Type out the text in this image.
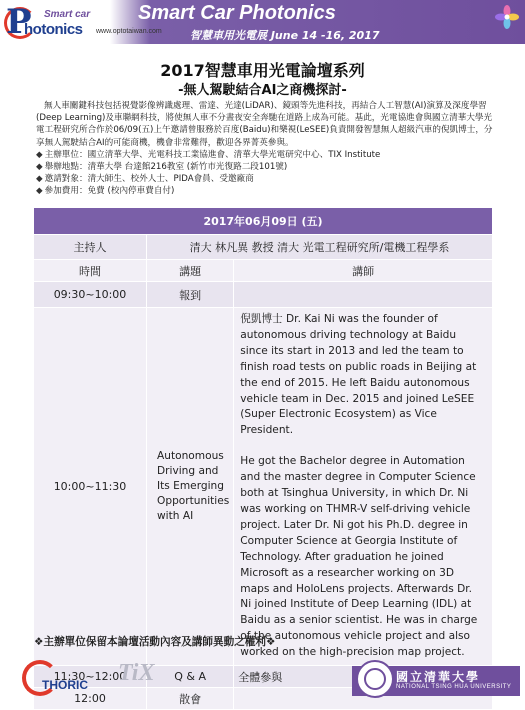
P Smart car
hotonics www.optotaiwan.com
Smart Car Photonics
智慧車用光電展 June 14 -16, 2017
2017智慧車用光電論壇系列
-無人駕駛結合AI之商機探討-

無人車關鍵科技包括視覺影像辨識處理、雷達、光達(LiDAR)、鏡頭等先進科技，再結合人工智慧(AI)演算及深度學習(Deep Learning)及車聯網科技，將使無人車不分晝夜安全奔馳在道路上成為可能。基此，光電協進會與國立清華大學光電工程研究所合作於06/09(五)上午邀請曾服務於百度(Baidu)和樂視(LeSEE)負責開發智慧無人超級汽車的倪凱博士，分享無人駕駛結合AI的可能商機，機會非常難得，歡迎各界菁英參與。

◆ 主辦單位：國立清華大學、光電科技工業協進會、清華大學光電研究中心、TIX Institute
◆ 舉辦地點：清華大學 台達館216教室 (新竹市光復路二段101號)
◆ 邀請對象：清大師生、校外人士、PIDA會員、受邀廠商
◆ 參加費用：免費 (校內停車費自付)
2017年06月09日 (五)		
主持人	清大 林凡異 教授 清大 光電工程研究所/電機工程學系	
時間	講題	講師
09:30~10:00	報到	
10:00~11:30	Autonomous Driving and Its Emerging Opportunities with AI	倪凱博士 Dr. Kai Ni was the founder of autonomous driving technology at Baidu since its start in 2013 and led the team to finish road tests on public roads in Beijing at the end of 2015. He left Baidu autonomous vehicle team in Dec. 2015 and joined LeSEE (Super Electronic Ecosystem) as Vice President.
He got the Bachelor degree in Automation and the master degree in Computer Science both at Tsinghua University, in which Dr. Ni was working on THMR-V self-driving vehicle project. Later Dr. Ni got his Ph.D. degree in Computer Science at Georgia Institute of Technology. After graduation he joined Microsoft as a researcher working on 3D maps and HoloLens projects. Afterwards Dr. Ni joined Institute of Deep Learning (IDL) at Baidu as a senior scientist. He was in charge of the autonomous vehicle project and also worked on the high-precision map project.

11:30~12:00	Q & A	全體參與
12:00	散會	
❖主辦單位保留本論壇活動內容及講師異動之權利❖
THORIC TiX	國立清華大學
NATIONAL TSING HUA UNIVERSITY
